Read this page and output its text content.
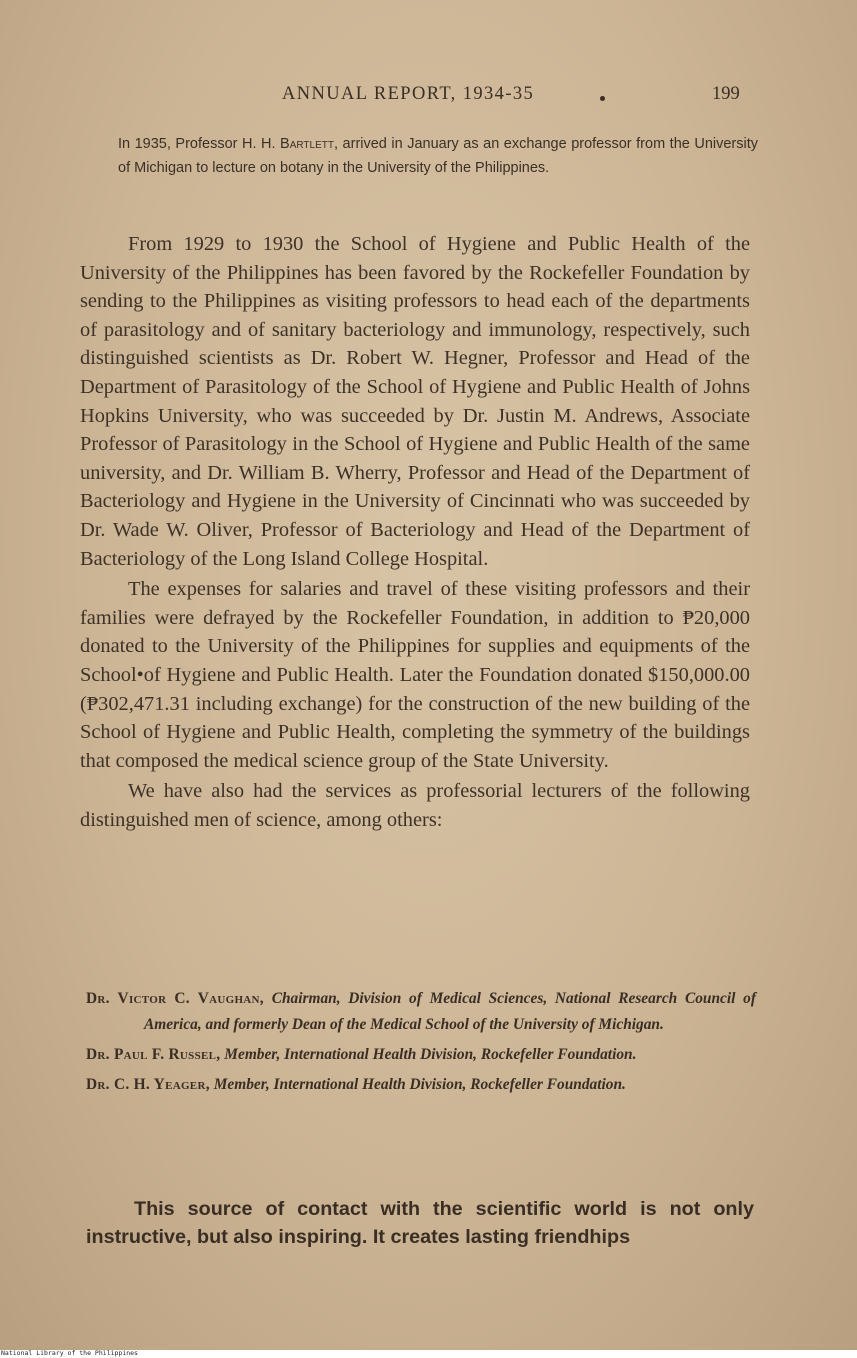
ANNUAL REPORT, 1934-35	199
In 1935, Professor H. H. Bartlett, arrived in January as an exchange professor from the University of Michigan to lecture on botany in the University of the Philippines.

From 1929 to 1930 the School of Hygiene and Public Health of the University of the Philippines has been favored by the Rockefeller Foundation by sending to the Philippines as visiting professors to head each of the departments of parasitology and of sanitary bacteriology and immunology, respectively, such distinguished scientists as Dr. Robert W. Hegner, Professor and Head of the Department of Parasitology of the School of Hygiene and Public Health of Johns Hopkins University, who was succeeded by Dr. Justin M. Andrews, Associate Professor of Parasitology in the School of Hygiene and Public Health of the same university, and Dr. William B. Wherry, Professor and Head of the Department of Bacteriology and Hygiene in the University of Cincinnati who was succeeded by Dr. Wade W. Oliver, Professor of Bacteriology and Head of the Department of Bacteriology of the Long Island College Hospital.

The expenses for salaries and travel of these visiting professors and their families were defrayed by the Rockefeller Foundation, in addition to ₱20,000 donated to the University of the Philippines for supplies and equipments of the School•of Hygiene and Public Health. Later the Foundation donated $150,000.00 (₱302,471.31 including exchange) for the construction of the new building of the School of Hygiene and Public Health, completing the symmetry of the buildings that composed the medical science group of the State University.

We have also had the services as professorial lecturers of the following distinguished men of science, among others:

Dr. Victor C. Vaughan, Chairman, Division of Medical Sciences, National Research Council of America, and formerly Dean of the Medical School of the University of Michigan.
Dr. Paul F. Russel, Member, International Health Division, Rockefeller Foundation.
Dr. C. H. Yeager, Member, International Health Division, Rockefeller Foundation.
This source of contact with the scientific world is not only instructive, but also inspiring. It creates lasting friendhips
National Library of the Philippines
